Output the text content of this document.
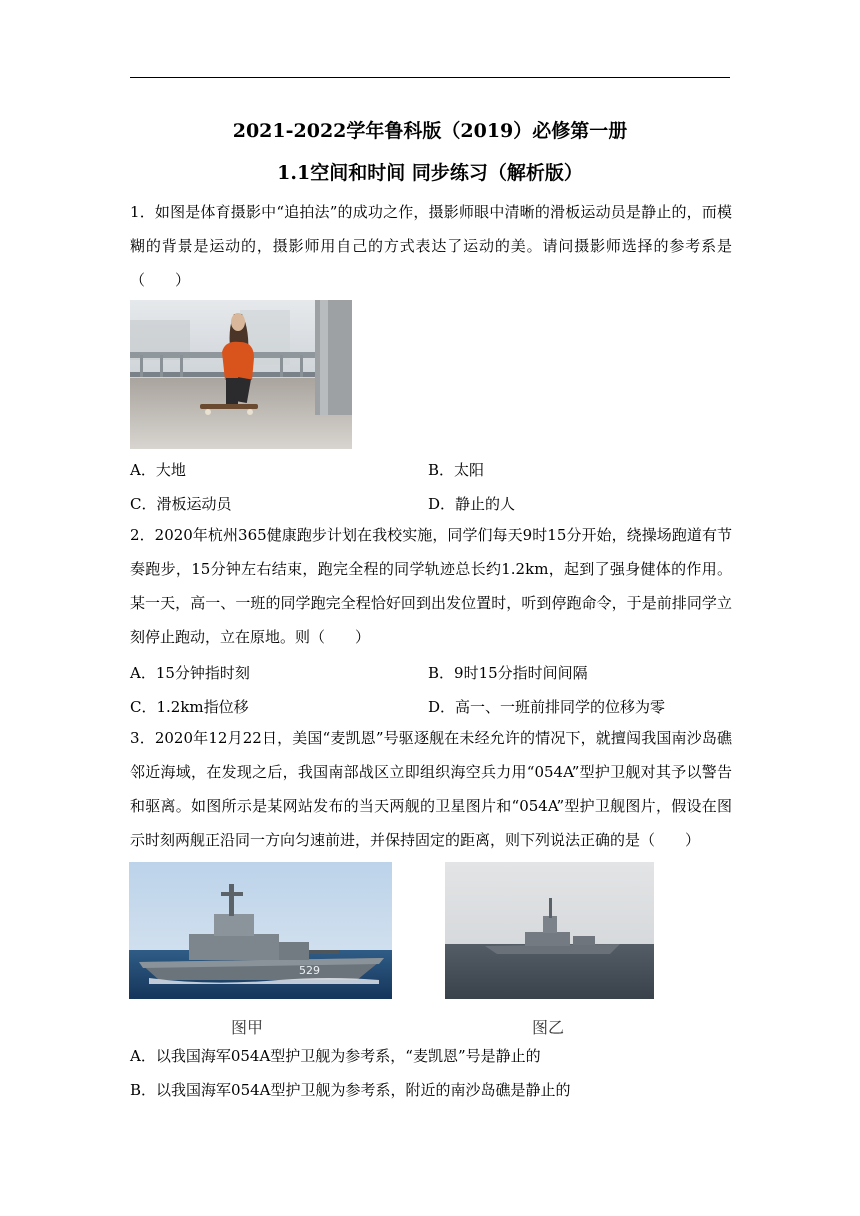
2021-2022学年鲁科版（2019）必修第一册
1.1空间和时间 同步练习（解析版）
1．如图是体育摄影中“追拍法”的成功之作，摄影师眼中清晰的滑板运动员是静止的，而模糊的背景是运动的，摄影师用自己的方式表达了运动的美。请问摄影师选择的参考系是（　　）
A．大地	B．太阳
C．滑板运动员	D．静止的人
2．2020年杭州365健康跑步计划在我校实施，同学们每天9时15分开始，绕操场跑道有节奏跑步，15分钟左右结束，跑完全程的同学轨迹总长约1.2km，起到了强身健体的作用。某一天，高一、一班的同学跑完全程恰好回到出发位置时，听到停跑命令，于是前排同学立刻停止跑动，立在原地。则（　　）
A．15分钟指时刻	B．9时15分指时间间隔
C．1.2km指位移	D．高一、一班前排同学的位移为零
3．2020年12月22日，美国“麦凯恩”号驱逐舰在未经允许的情况下，就擅闯我国南沙岛礁邻近海域，在发现之后，我国南部战区立即组织海空兵力用“054A”型护卫舰对其予以警告和驱离。如图所示是某网站发布的当天两舰的卫星图片和“054A”型护卫舰图片，假设在图示时刻两舰正沿同一方向匀速前进，并保持固定的距离，则下列说法正确的是（　　）
529
图甲	图乙
A．以我国海军054A型护卫舰为参考系，“麦凯恩”号是静止的
B．以我国海军054A型护卫舰为参考系，附近的南沙岛礁是静止的
